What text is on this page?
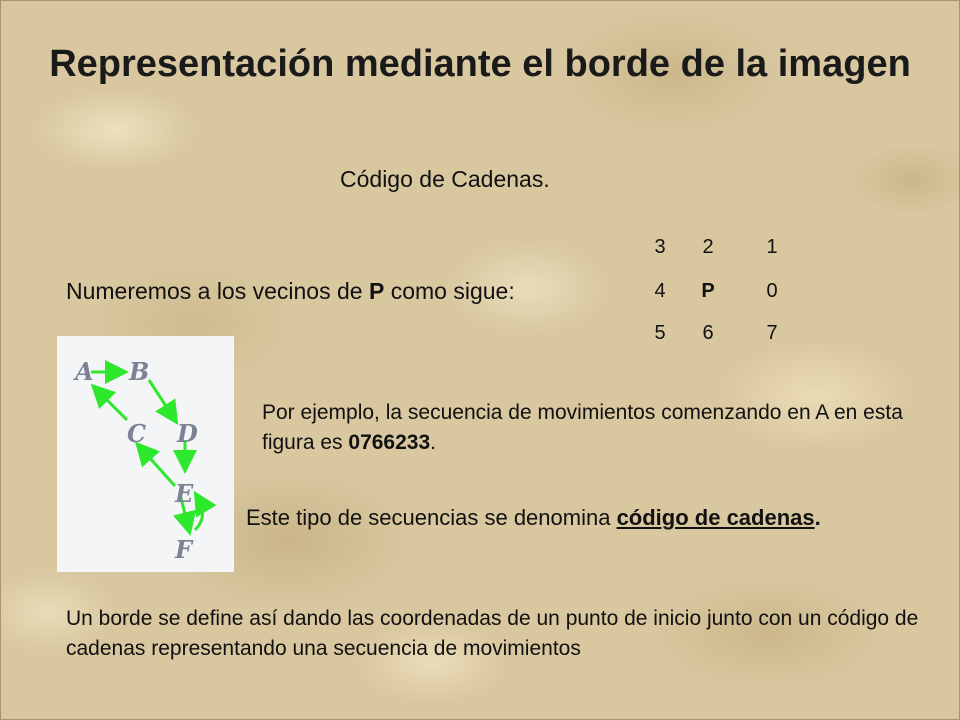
Representación mediante el borde de la imagen
Código de Cadenas.
Numeremos a los vecinos de P como sigue:
3	2	1
4	P	0
5	6	7
A B
C D
E
F
Por ejemplo, la secuencia de movimientos comenzando en A en esta figura es 0766233.
Este tipo de secuencias se denomina código de cadenas.
Un borde se define así dando las coordenadas de un punto de inicio junto con un código de cadenas representando una secuencia de movimientos
